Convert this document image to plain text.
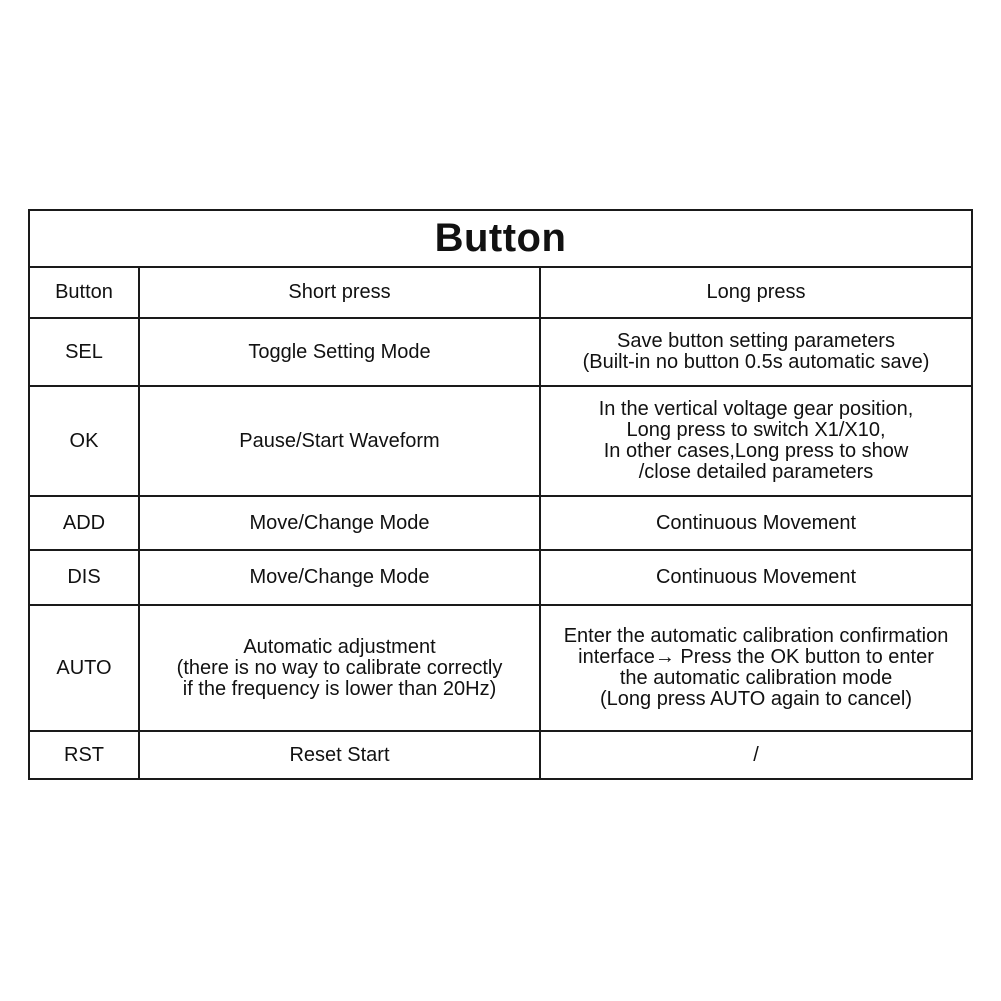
Button		
Button	Short press	Long press
SEL	Toggle Setting Mode	Save button setting parameters
(Built-in no button 0.5s automatic save)
OK	Pause/Start Waveform	In the vertical voltage gear position,
Long press to switch X1/X10,
In other cases,Long press to show
/close detailed parameters
ADD	Move/Change Mode	Continuous Movement
DIS	Move/Change Mode	Continuous Movement
AUTO	Automatic adjustment
(there is no way to calibrate correctly
if the frequency is lower than 20Hz)	Enter the automatic calibration confirmation
interface→ Press the OK button to enter
the automatic calibration mode
(Long press AUTO again to cancel)
RST	Reset Start	/
